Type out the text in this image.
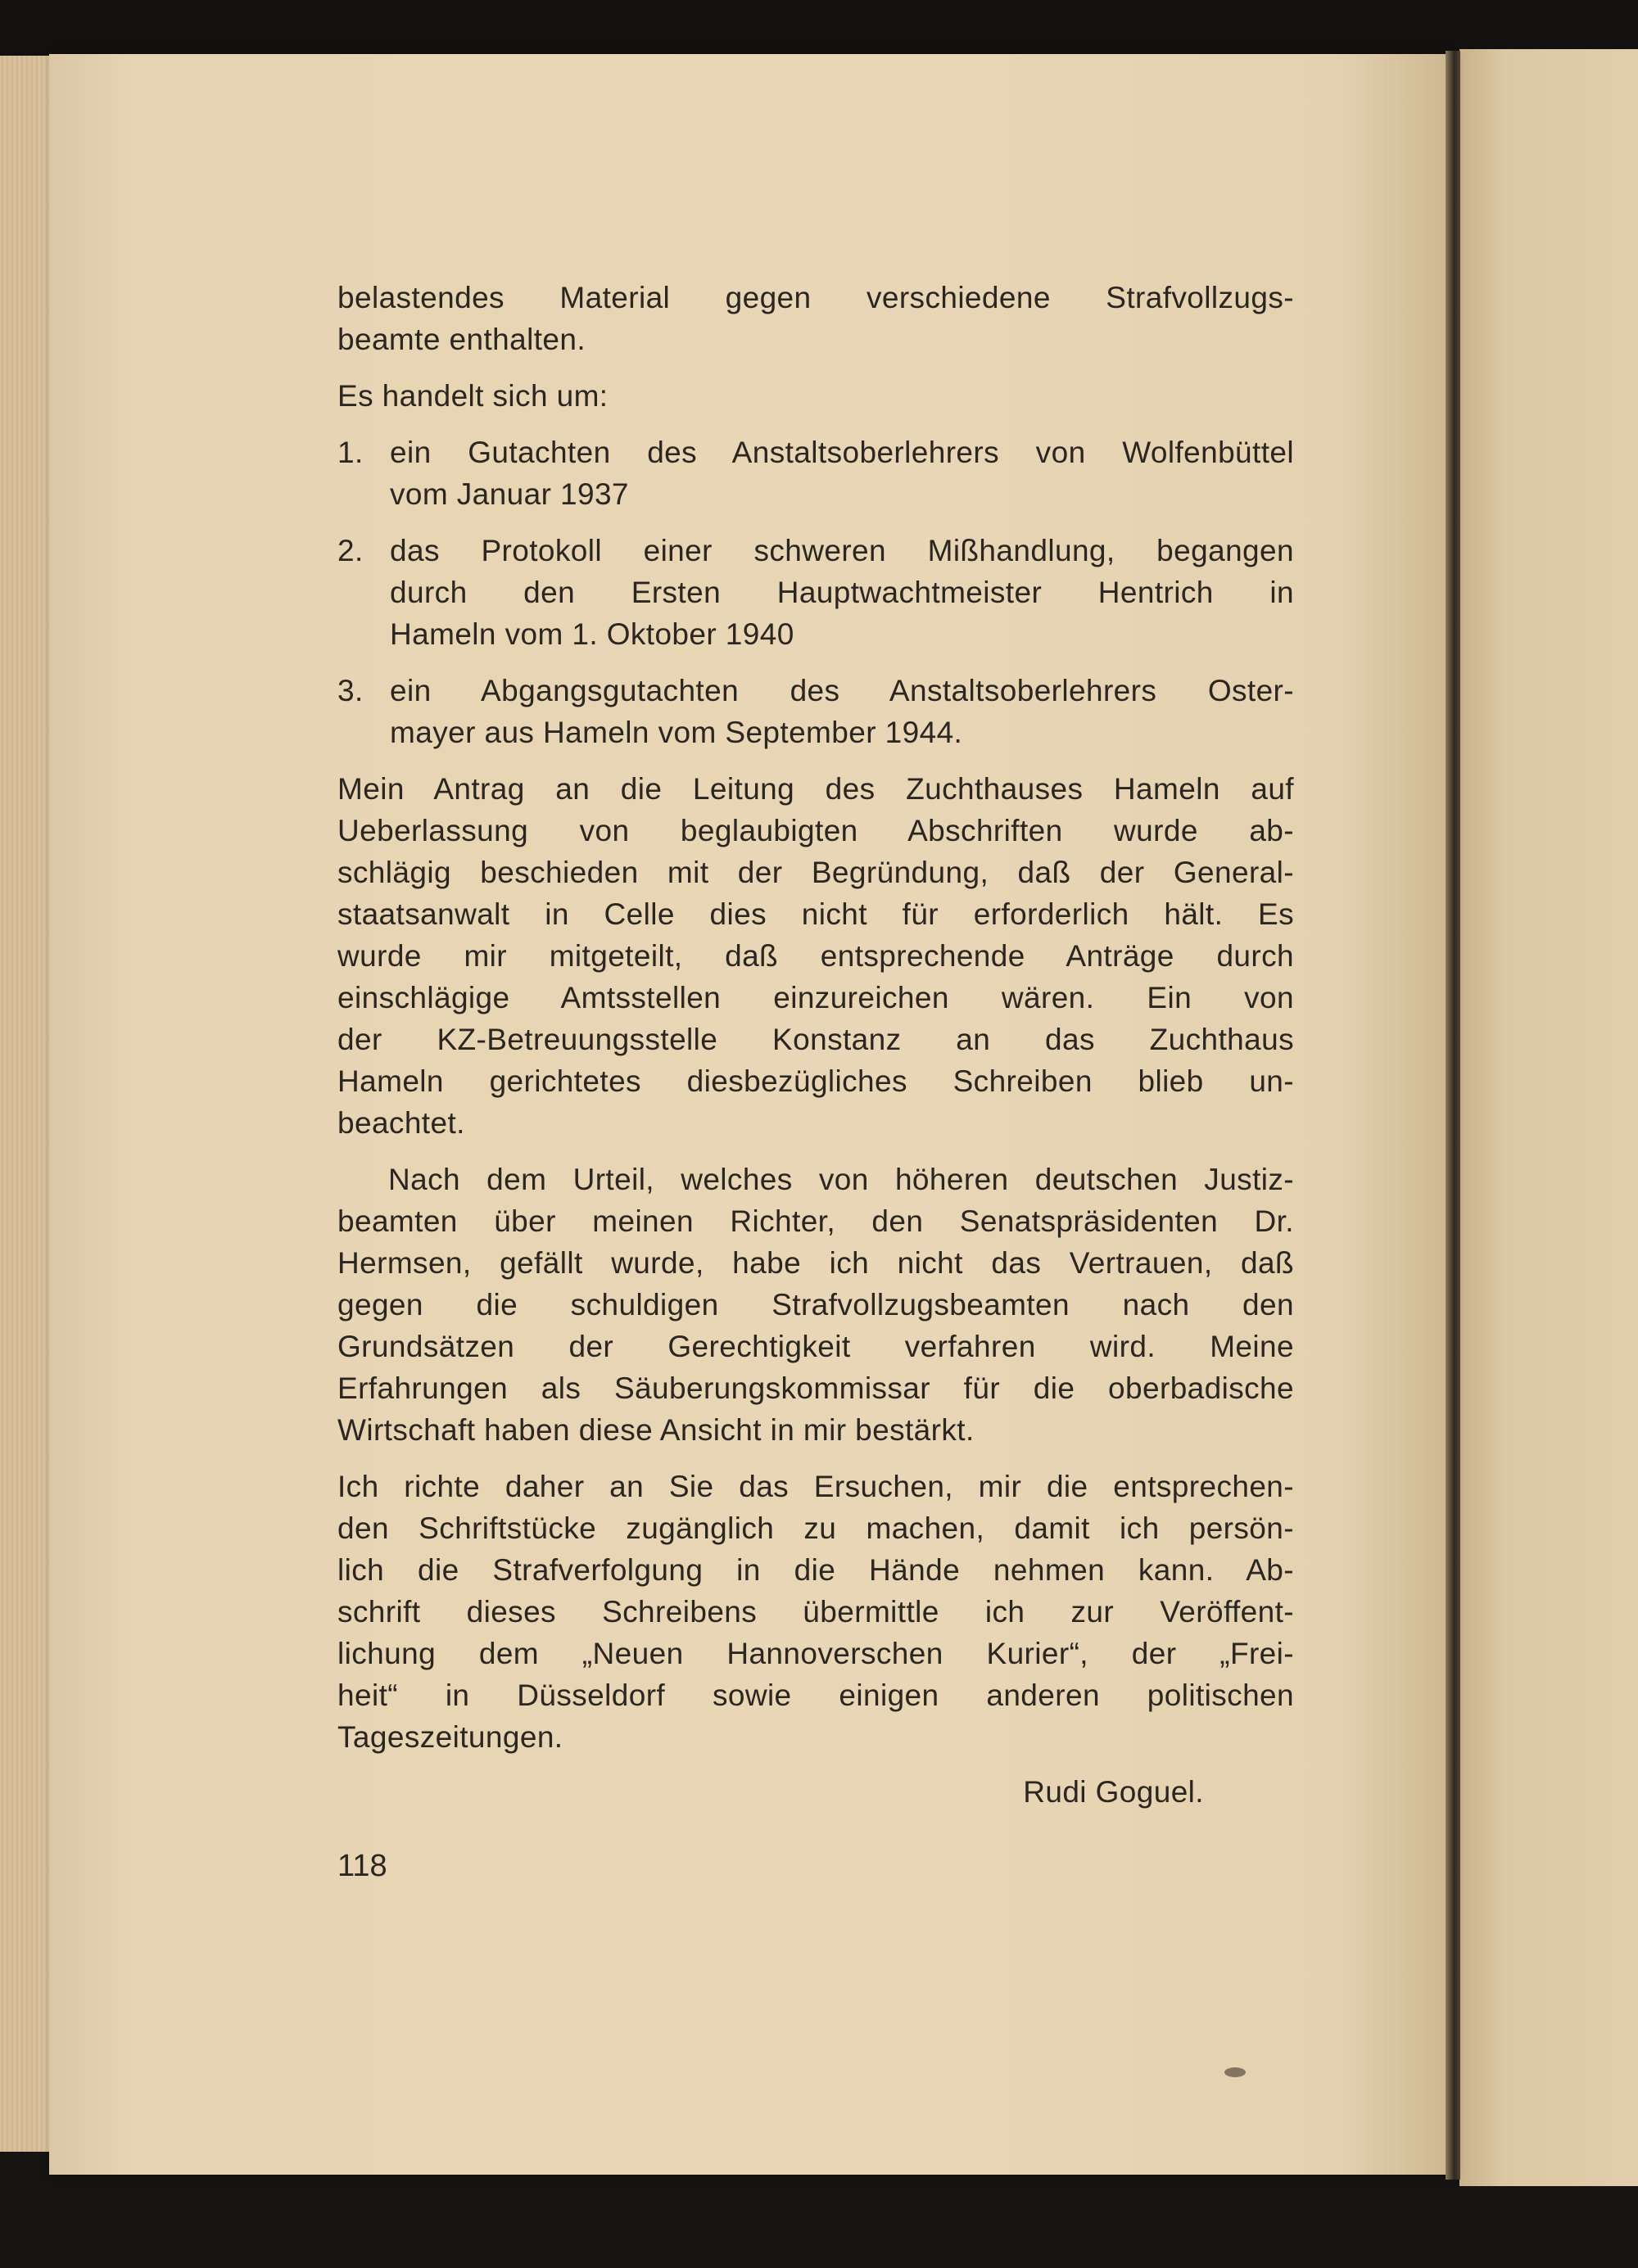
belastendes Material gegen verschiedene Strafvollzugs-

beamte enthalten.

Es handelt sich um:

1. ein Gutachten des Anstaltsoberlehrers von Wolfenbüttel

vom Januar 1937

2. das Protokoll einer schweren Mißhandlung, begangen

durch den Ersten Hauptwachtmeister Hentrich in

Hameln vom 1. Oktober 1940

3. ein Abgangsgutachten des Anstaltsoberlehrers Oster-

mayer aus Hameln vom September 1944.

Mein Antrag an die Leitung des Zuchthauses Hameln auf

Ueberlassung von beglaubigten Abschriften wurde ab-

schlägig beschieden mit der Begründung, daß der General-

staatsanwalt in Celle dies nicht für erforderlich hält. Es

wurde mir mitgeteilt, daß entsprechende Anträge durch

einschlägige Amtsstellen einzureichen wären. Ein von

der KZ-Betreuungsstelle Konstanz an das Zuchthaus

Hameln gerichtetes diesbezügliches Schreiben blieb un-

beachtet.

Nach dem Urteil, welches von höheren deutschen Justiz-

beamten über meinen Richter, den Senatspräsidenten Dr.

Hermsen, gefällt wurde, habe ich nicht das Vertrauen, daß

gegen die schuldigen Strafvollzugsbeamten nach den

Grundsätzen der Gerechtigkeit verfahren wird. Meine

Erfahrungen als Säuberungskommissar für die oberbadische

Wirtschaft haben diese Ansicht in mir bestärkt.

Ich richte daher an Sie das Ersuchen, mir die entsprechen-

den Schriftstücke zugänglich zu machen, damit ich persön-

lich die Strafverfolgung in die Hände nehmen kann. Ab-

schrift dieses Schreibens übermittle ich zur Veröffent-

lichung dem „Neuen Hannoverschen Kurier“, der „Frei-

heit“ in Düsseldorf sowie einigen anderen politischen

Tageszeitungen.

Rudi Goguel.

118
